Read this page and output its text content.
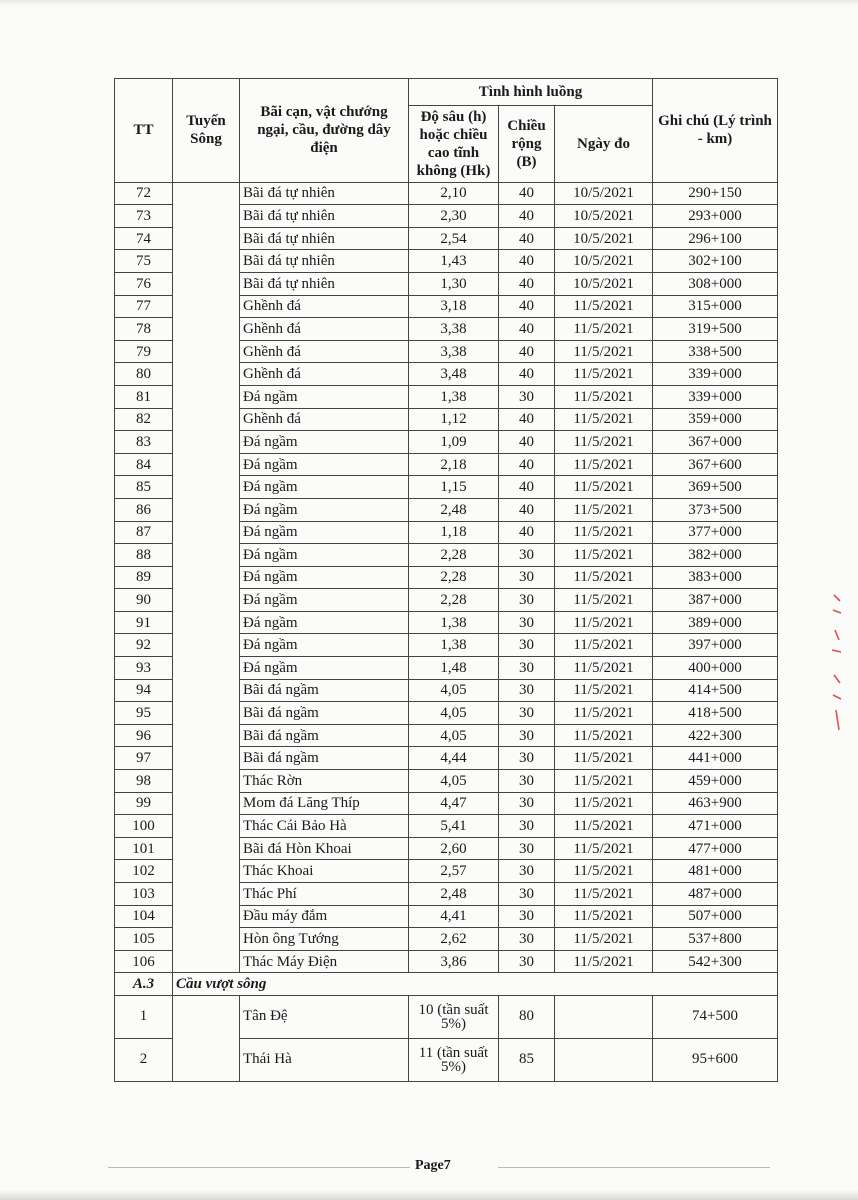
TT	Tuyến Sông	Bãi cạn, vật chướng ngại, cầu, đường dây điện	Tình hình luồng			Ghi chú (Lý trình - km)
			Độ sâu (h) hoặc chiều cao tĩnh không (Hk)	Chiều rộng (B)	Ngày đo	
72		Bãi đá tự nhiên	2,10	40	10/5/2021	290+150
73		Bãi đá tự nhiên	2,30	40	10/5/2021	293+000
74		Bãi đá tự nhiên	2,54	40	10/5/2021	296+100
75		Bãi đá tự nhiên	1,43	40	10/5/2021	302+100
76		Bãi đá tự nhiên	1,30	40	10/5/2021	308+000
77		Ghềnh đá	3,18	40	11/5/2021	315+000
78		Ghềnh đá	3,38	40	11/5/2021	319+500
79		Ghềnh đá	3,38	40	11/5/2021	338+500
80		Ghềnh đá	3,48	40	11/5/2021	339+000
81		Đá ngầm	1,38	30	11/5/2021	339+000
82		Ghềnh đá	1,12	40	11/5/2021	359+000
83		Đá ngầm	1,09	40	11/5/2021	367+000
84		Đá ngầm	2,18	40	11/5/2021	367+600
85		Đá ngầm	1,15	40	11/5/2021	369+500
86		Đá ngầm	2,48	40	11/5/2021	373+500
87		Đá ngầm	1,18	40	11/5/2021	377+000
88		Đá ngầm	2,28	30	11/5/2021	382+000
89		Đá ngầm	2,28	30	11/5/2021	383+000
90		Đá ngầm	2,28	30	11/5/2021	387+000
91		Đá ngầm	1,38	30	11/5/2021	389+000
92		Đá ngầm	1,38	30	11/5/2021	397+000
93		Đá ngầm	1,48	30	11/5/2021	400+000
94		Bãi đá ngầm	4,05	30	11/5/2021	414+500
95		Bãi đá ngầm	4,05	30	11/5/2021	418+500
96		Bãi đá ngầm	4,05	30	11/5/2021	422+300
97		Bãi đá ngầm	4,44	30	11/5/2021	441+000
98		Thác Rờn	4,05	30	11/5/2021	459+000
99		Mom đá Lăng Thíp	4,47	30	11/5/2021	463+900
100		Thác Cái Bảo Hà	5,41	30	11/5/2021	471+000
101		Bãi đá Hòn Khoai	2,60	30	11/5/2021	477+000
102		Thác Khoai	2,57	30	11/5/2021	481+000
103		Thác Phí	2,48	30	11/5/2021	487+000
104		Đầu máy đắm	4,41	30	11/5/2021	507+000
105		Hòn ông Tướng	2,62	30	11/5/2021	537+800
106		Thác Máy Điện	3,86	30	11/5/2021	542+300
A.3	Cầu vượt sông					
1		Tân Đệ	10 (tần suất 5%)	80		74+500
2		Thái Hà	11 (tần suất 5%)	85		95+600
Page7
